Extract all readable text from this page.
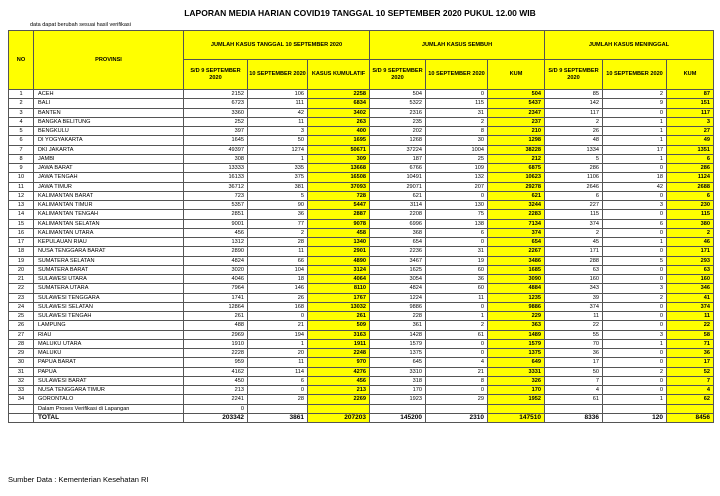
LAPORAN MEDIA HARIAN COVID19 TANGGAL 10 SEPTEMBER 2020 PUKUL 12.00 WIB
data dapat berubah sesuai hasil verifikasi
NO	PROVINSI	JUMLAH KASUS TANGGAL 10 SEPTEMBER 2020			JUMLAH KASUS SEMBUH			JUMLAH KASUS MENINGGAL		
		S/D 9 SEPTEMBER 2020	10 SEPTEMBER 2020	KASUS KUMULATIF	S/D 9 SEPTEMBER 2020	10 SEPTEMBER 2020	KUM	S/D 9 SEPTEMBER 2020	10 SEPTEMBER 2020	KUM
1	ACEH	2152	106	2258	504	0	504	85	2	87
2	BALI	6723	111	6834	5322	115	5437	142	9	151
3	BANTEN	3360	42	3402	2316	31	2347	117	0	117
4	BANGKA BELITUNG	252	11	263	235	2	237	2	1	3
5	BENGKULU	397	3	400	202	8	210	26	1	27
6	DI YOGYAKARTA	1645	50	1695	1268	30	1298	48	1	49
7	DKI JAKARTA	49397	1274	50671	37224	1004	38228	1334	17	1351
8	JAMBI	308	1	309	187	25	212	5	1	6
9	JAWA BARAT	13333	335	13668	6766	109	6875	286	0	286
10	JAWA TENGAH	16133	375	16508	10491	132	10623	1106	18	1124
11	JAWA TIMUR	36712	381	37093	29071	207	29278	2646	42	2688
12	KALIMANTAN BARAT	723	5	728	621	0	621	6	0	6
13	KALIMANTAN TIMUR	5357	90	5447	3114	130	3244	227	3	230
14	KALIMANTAN TENGAH	2851	36	2887	2208	75	2283	115	0	115
15	KALIMANTAN SELATAN	9001	77	9078	6996	138	7134	374	6	380
16	KALIMANTAN UTARA	456	2	458	368	6	374	2	0	2
17	KEPULAUAN RIAU	1312	28	1340	654	0	654	45	1	46
18	NUSA TENGGARA BARAT	2890	11	2901	2236	31	2267	171	0	171
19	SUMATERA SELATAN	4824	66	4890	3467	19	3486	288	5	293
20	SUMATERA BARAT	3020	104	3124	1625	60	1685	63	0	63
21	SULAWESI UTARA	4046	18	4064	3054	36	3090	160	0	160
22	SUMATERA UTARA	7964	146	8110	4824	60	4884	343	3	346
23	SULAWESI TENGGARA	1741	26	1767	1224	11	1235	39	2	41
24	SULAWESI SELATAN	12864	168	13032	9886	0	9886	374	0	374
25	SULAWESI TENGAH	261	0	261	228	1	229	11	0	11
26	LAMPUNG	488	21	509	361	2	363	22	0	22
27	RIAU	2969	194	3163	1428	61	1489	55	3	58
28	MALUKU UTARA	1910	1	1911	1579	0	1579	70	1	71
29	MALUKU	2228	20	2248	1375	0	1375	36	0	36
30	PAPUA BARAT	959	11	970	645	4	649	17	0	17
31	PAPUA	4162	114	4276	3310	21	3331	50	2	52
32	SULAWESI BARAT	450	6	456	318	8	326	7	0	7
33	NUSA TENGGARA TIMUR	213	0	213	170	0	170	4	0	4
34	GORONTALO	2241	28	2269	1923	29	1952	61	1	62
	Dalam Proses Verifikasi di Lapangan	0								
	TOTAL	203342	3861	207203	145200	2310	147510	8336	120	8456
Sumber Data : Kementerian Kesehatan RI
